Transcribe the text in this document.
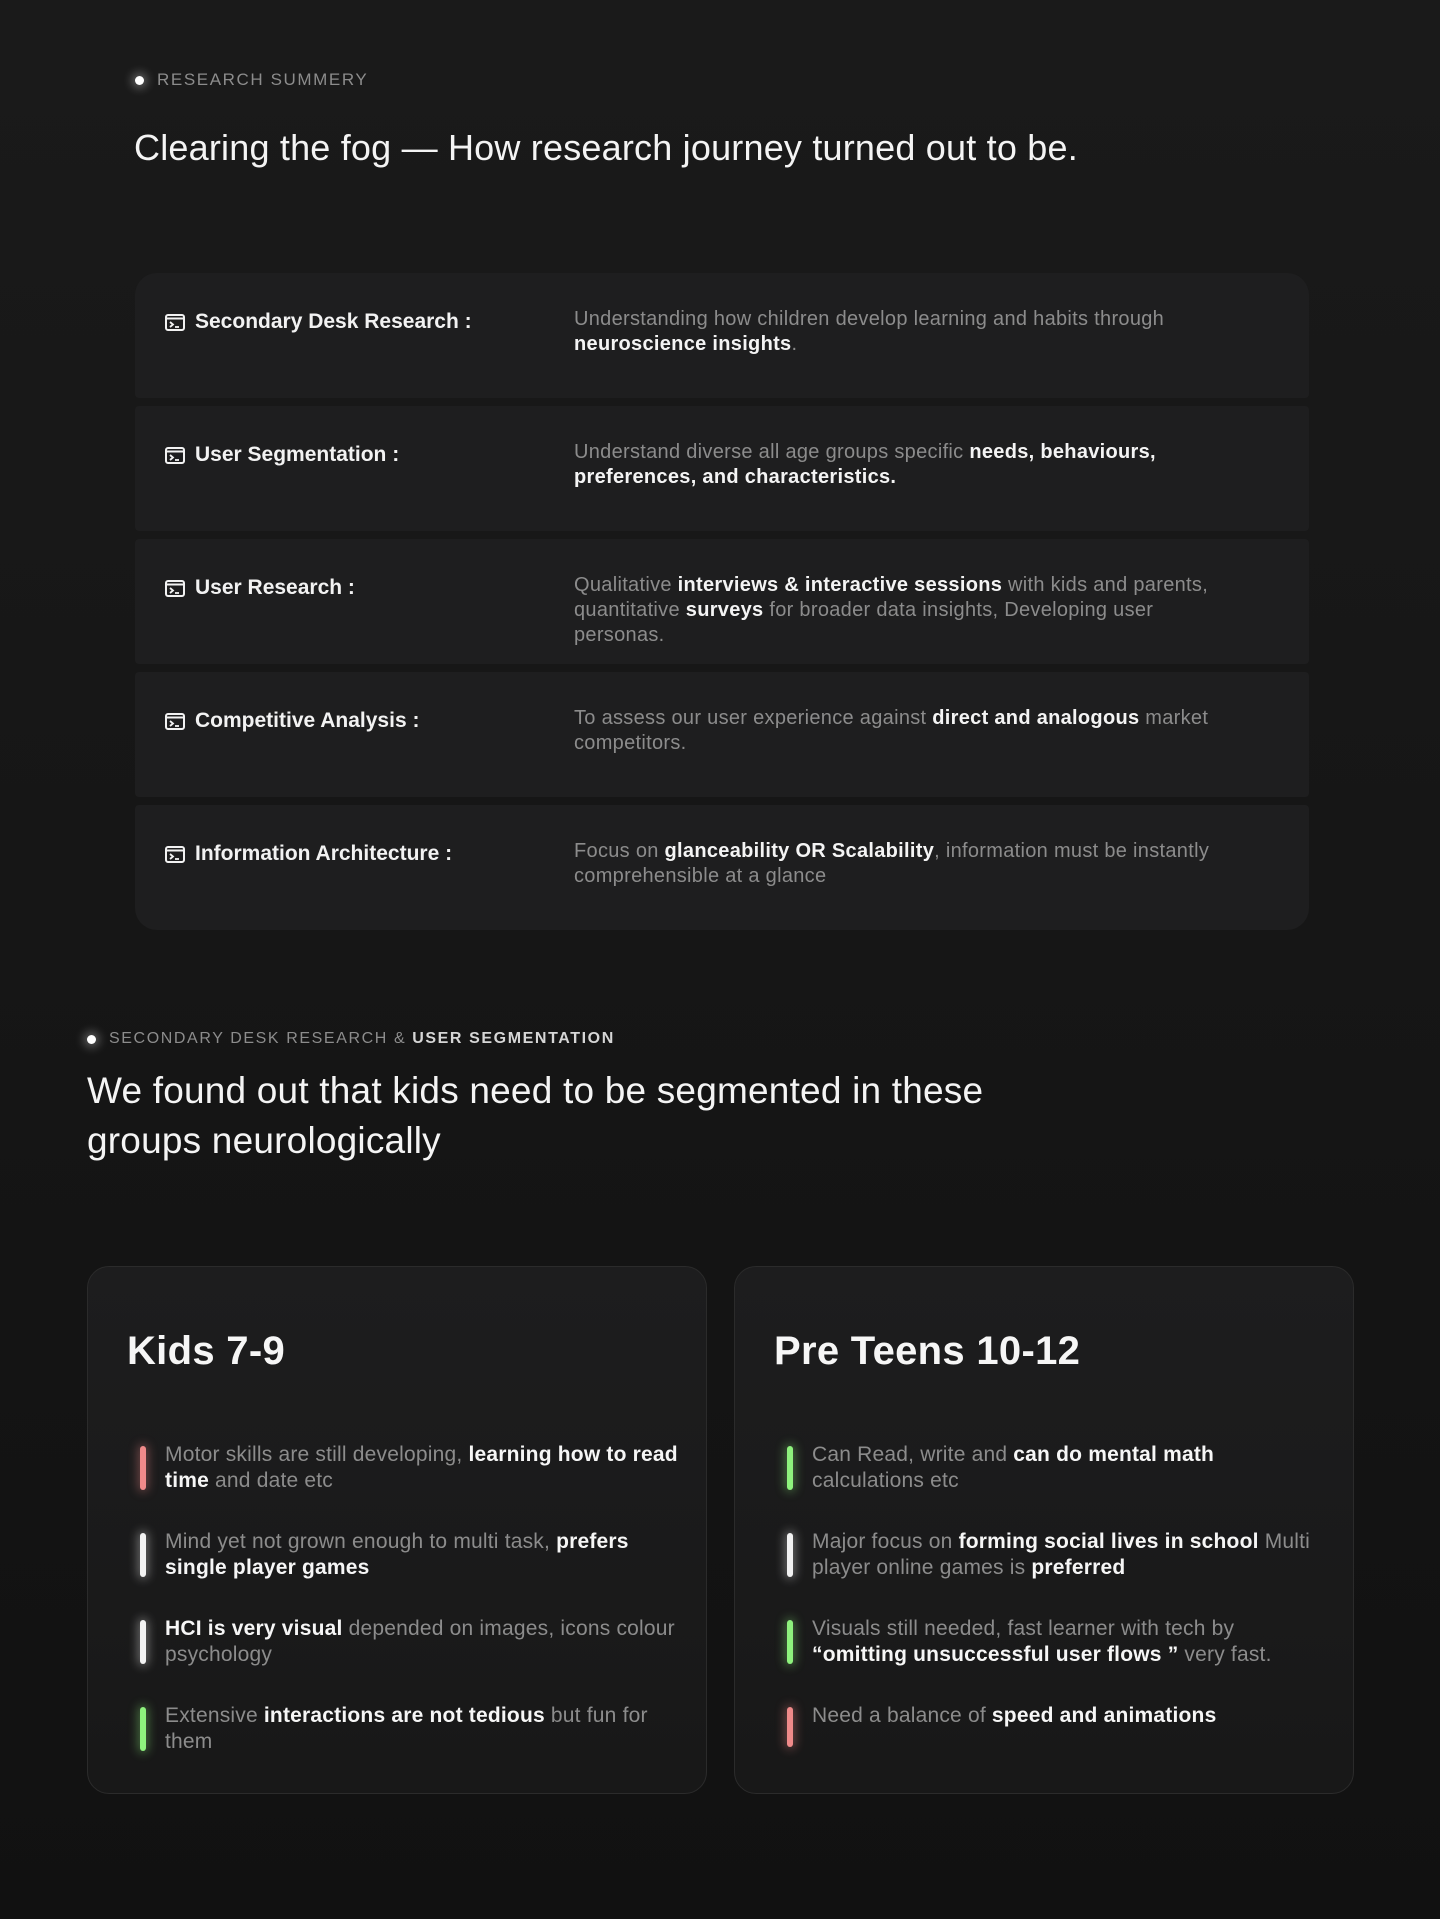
RESEARCH SUMMERY
Clearing the fog — How research journey turned out to be.
Secondary Desk Research :	Understanding how children develop learning and habits through neuroscience insights.
User Segmentation :	Understand diverse all age groups specific needs, behaviours, preferences, and characteristics.
User Research :	Qualitative interviews & interactive sessions with kids and parents, quantitative surveys for broader data insights, Developing user personas.
Competitive Analysis :	To assess our user experience against direct and analogous market competitors.
Information Architecture :	Focus on glanceability OR Scalability, information must be instantly comprehensible at a glance
SECONDARY DESK RESEARCH & USER SEGMENTATION
We found out that kids need to be segmented in these groups neurologically
Kids 7-9
Motor skills are still developing, learning how to read time and date etc
Mind yet not grown enough to multi task, prefers single player games
HCI is very visual depended on images, icons colour psychology
Extensive interactions are not tedious but fun for them
Pre Teens 10-12
Can Read, write and can do mental math calculations etc
Major focus on forming social lives in school Multi player online games is preferred
Visuals still needed, fast learner with tech by “omitting unsuccessful user flows ” very fast.
Need a balance of speed and animations
